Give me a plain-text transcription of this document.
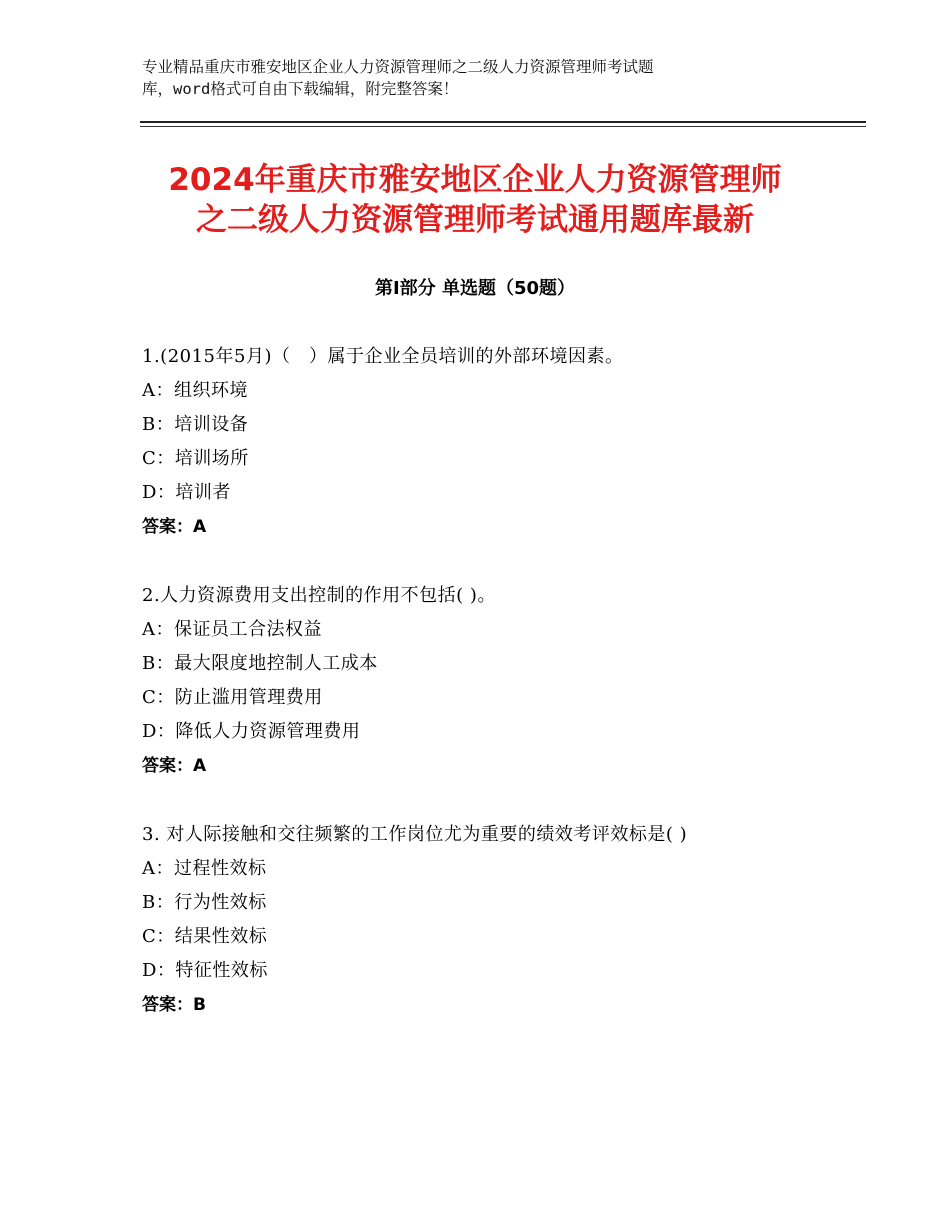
专业精品重庆市雅安地区企业人力资源管理师之二级人力资源管理师考试题
库，word格式可自由下载编辑，附完整答案！
2024年重庆市雅安地区企业人力资源管理师
之二级人力资源管理师考试通用题库最新
第Ⅰ部分 单选题（50题）
1.(2015年5月)（　）属于企业全员培训的外部环境因素。
A：组织环境
B：培训设备
C：培训场所
D：培训者
答案：A
2.人力资源费用支出控制的作用不包括( )。
A：保证员工合法权益
B：最大限度地控制人工成本
C：防止滥用管理费用
D：降低人力资源管理费用
答案：A
3. 对人际接触和交往频繁的工作岗位尤为重要的绩效考评效标是( )
A：过程性效标
B：行为性效标
C：结果性效标
D：特征性效标
答案：B
